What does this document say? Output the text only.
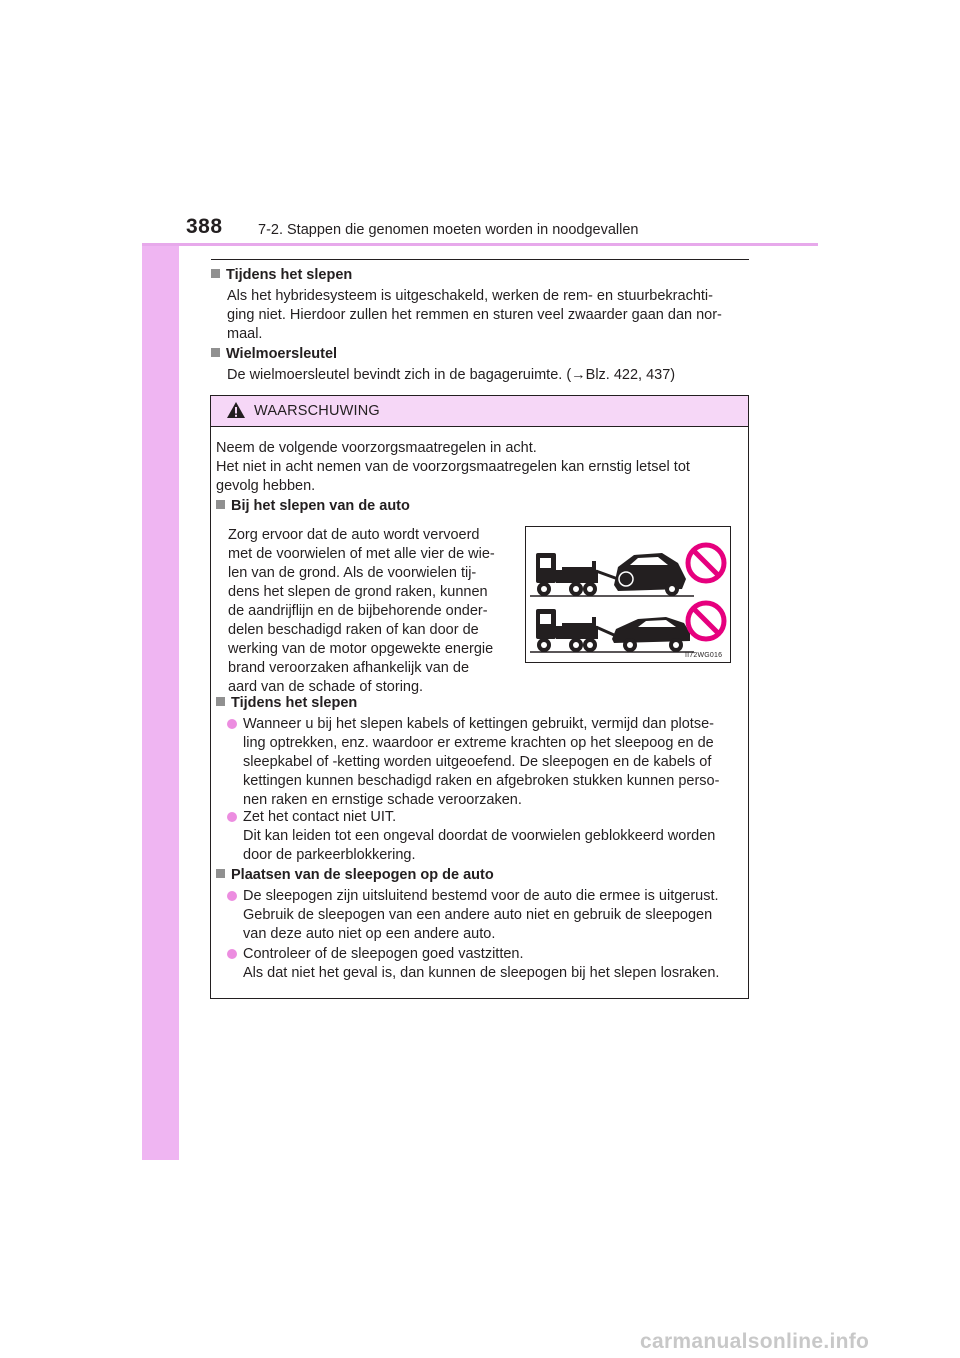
388 7-2. Stappen die genomen moeten worden in noodgevallen
Tijdens het slepen
Als het hybridesysteem is uitgeschakeld, werken de rem- en stuurbekrachti-
ging niet. Hierdoor zullen het remmen en sturen veel zwaarder gaan dan nor-
maal.
Wielmoersleutel
De wielmoersleutel bevindt zich in de bagageruimte. (→Blz. 422, 437)
WAARSCHUWING
Neem de volgende voorzorgsmaatregelen in acht.
Het niet in acht nemen van de voorzorgsmaatregelen kan ernstig letsel tot
gevolg hebben.
Bij het slepen van de auto
Zorg ervoor dat de auto wordt vervoerd
met de voorwielen of met alle vier de wie-
len van de grond. Als de voorwielen tij-
dens het slepen de grond raken, kunnen
de aandrijflijn en de bijbehorende onder-
delen beschadigd raken of kan door de
werking van de motor opgewekte energie
brand veroorzaken afhankelijk van de
aard van de schade of storing.
II72WG016
Tijdens het slepen
Wanneer u bij het slepen kabels of kettingen gebruikt, vermijd dan plotse-
ling optrekken, enz. waardoor er extreme krachten op het sleepoog en de
sleepkabel of -ketting worden uitgeoefend. De sleepogen en de kabels of
kettingen kunnen beschadigd raken en afgebroken stukken kunnen perso-
nen raken en ernstige schade veroorzaken.
Zet het contact niet UIT.
Dit kan leiden tot een ongeval doordat de voorwielen geblokkeerd worden
door de parkeerblokkering.
Plaatsen van de sleepogen op de auto
De sleepogen zijn uitsluitend bestemd voor de auto die ermee is uitgerust.
Gebruik de sleepogen van een andere auto niet en gebruik de sleepogen
van deze auto niet op een andere auto.
Controleer of de sleepogen goed vastzitten.
Als dat niet het geval is, dan kunnen de sleepogen bij het slepen losraken.
carmanualsonline.info
